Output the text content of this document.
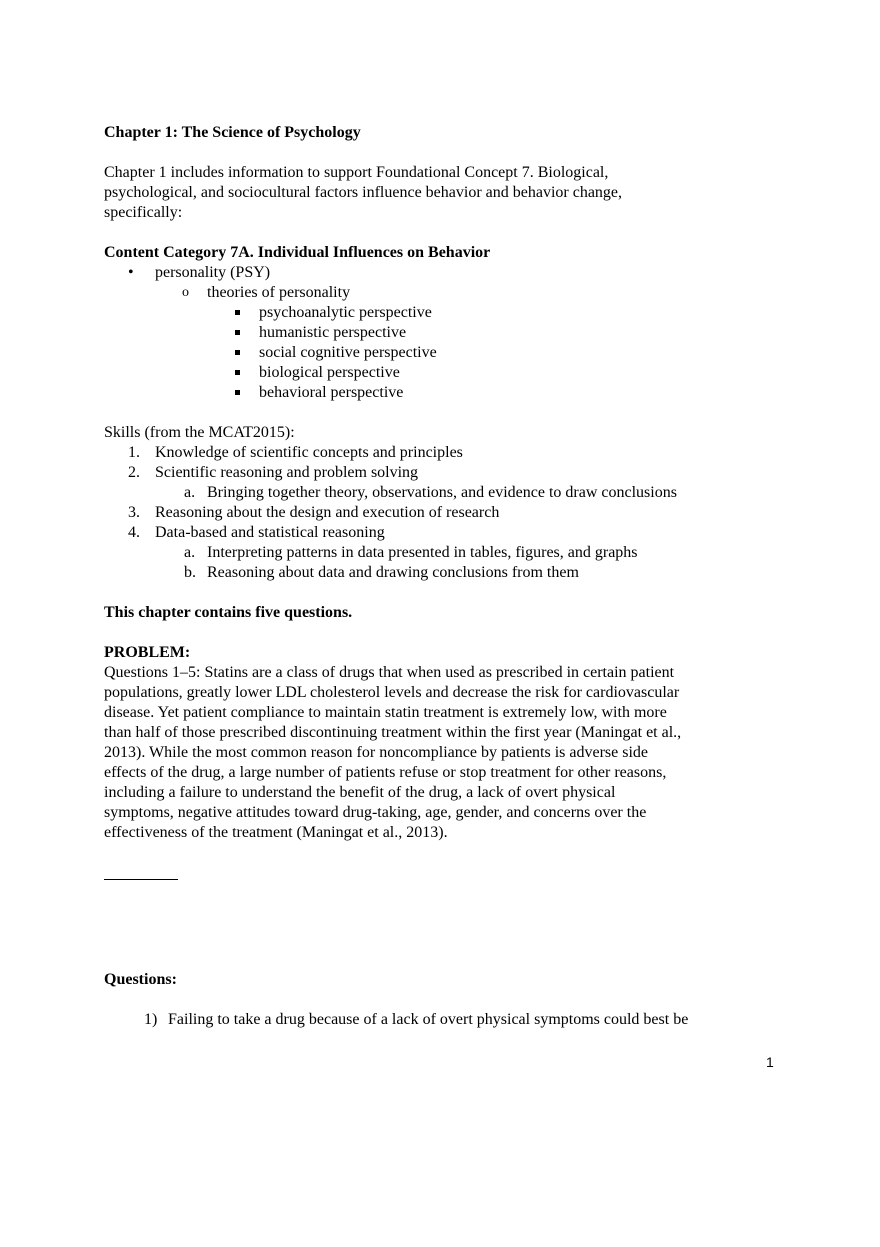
Chapter 1: The Science of Psychology

Chapter 1 includes information to support Foundational Concept 7. Biological,

psychological, and sociocultural factors influence behavior and behavior change,

specifically:

Content Category 7A. Individual Influences on Behavior

• personality (PSY)
o theories of personality
psychoanalytic perspective
humanistic perspective
social cognitive perspective
biological perspective
behavioral perspective

Skills (from the MCAT2015):

1. Knowledge of scientific concepts and principles
2. Scientific reasoning and problem solving
a. Bringing together theory, observations, and evidence to draw conclusions
3. Reasoning about the design and execution of research
4. Data-based and statistical reasoning
a. Interpreting patterns in data presented in tables, figures, and graphs
b. Reasoning about data and drawing conclusions from them

This chapter contains five questions.

PROBLEM:

Questions 1–5: Statins are a class of drugs that when used as prescribed in certain patient

populations, greatly lower LDL cholesterol levels and decrease the risk for cardiovascular

disease. Yet patient compliance to maintain statin treatment is extremely low, with more

than half of those prescribed discontinuing treatment within the first year (Maningat et al.,

2013). While the most common reason for noncompliance by patients is adverse side

effects of the drug, a large number of patients refuse or stop treatment for other reasons,

including a failure to understand the benefit of the drug, a lack of overt physical

symptoms, negative attitudes toward drug-taking, age, gender, and concerns over the

effectiveness of the treatment (Maningat et al., 2013).

Questions:

1) Failing to take a drug because of a lack of overt physical symptoms could best be
1
